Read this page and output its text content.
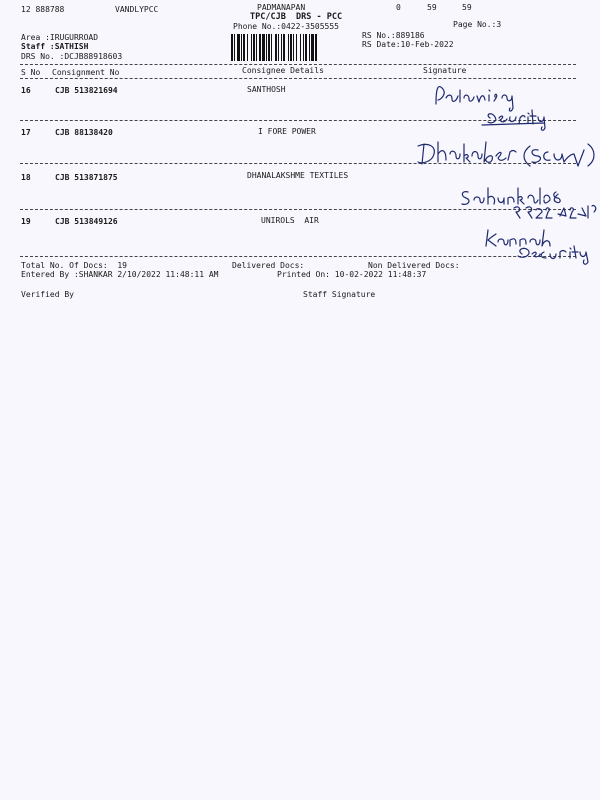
12 888788	VANDLYPCC	PADMANAPAN	0	59	59
TPC/CJB  DRS - PCC
Phone No.:0422-3505555	Page No.:3
Area :IRUGURROAD
Staff :SATHISH
DRS No. :DCJB88918603
RS No.:889186
RS Date:10-Feb-2022
S No Consignment No	Consignee Details	Signature
16	CJB 513821694	SANTHOSH
17	CJB 88138420	I FORE POWER
18	CJB 513871875	DHANALAKSHME TEXTILES
19	CJB 513849126	UNIROLS  AIR
Total No. Of Docs:  19	Delivered Docs:	Non Delivered Docs:
Entered By :SHANKAR 2/10/2022 11:48:11 AM	Printed On: 10-02-2022 11:48:37
Verified By	Staff Signature
